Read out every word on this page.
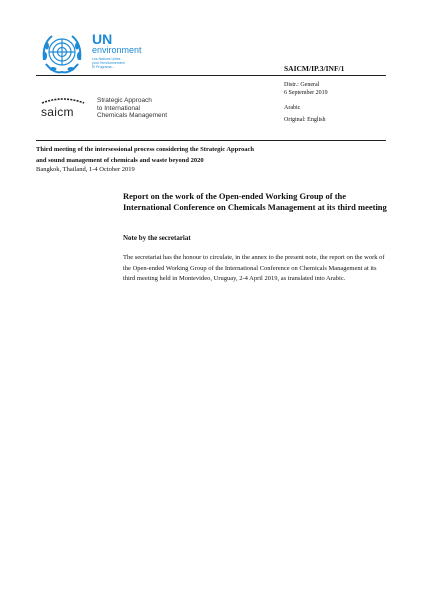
UN
environment
Les Nations Unies
pour l'environnement
El Programa...	SAICM/IP.3/INF/1
Distr.: General
6 September 2019
Arabic
Original: English
saicm
Strategic Approach
to International
Chemicals Management
Third meeting of the intersessional process considering the Strategic Approach
and sound management of chemicals and waste beyond 2020
Bangkok, Thailand, 1-4 October 2019
Report on the work of the Open-ended Working Group of the International Conference on Chemicals Management at its third meeting
Note by the secretariat
The secretariat has the honour to circulate, in the annex to the present note, the report on the work of the Open-ended Working Group of the International Conference on Chemicals Management at its third meeting held in Montevideo, Uruguay, 2-4 April 2019, as translated into Arabic.
